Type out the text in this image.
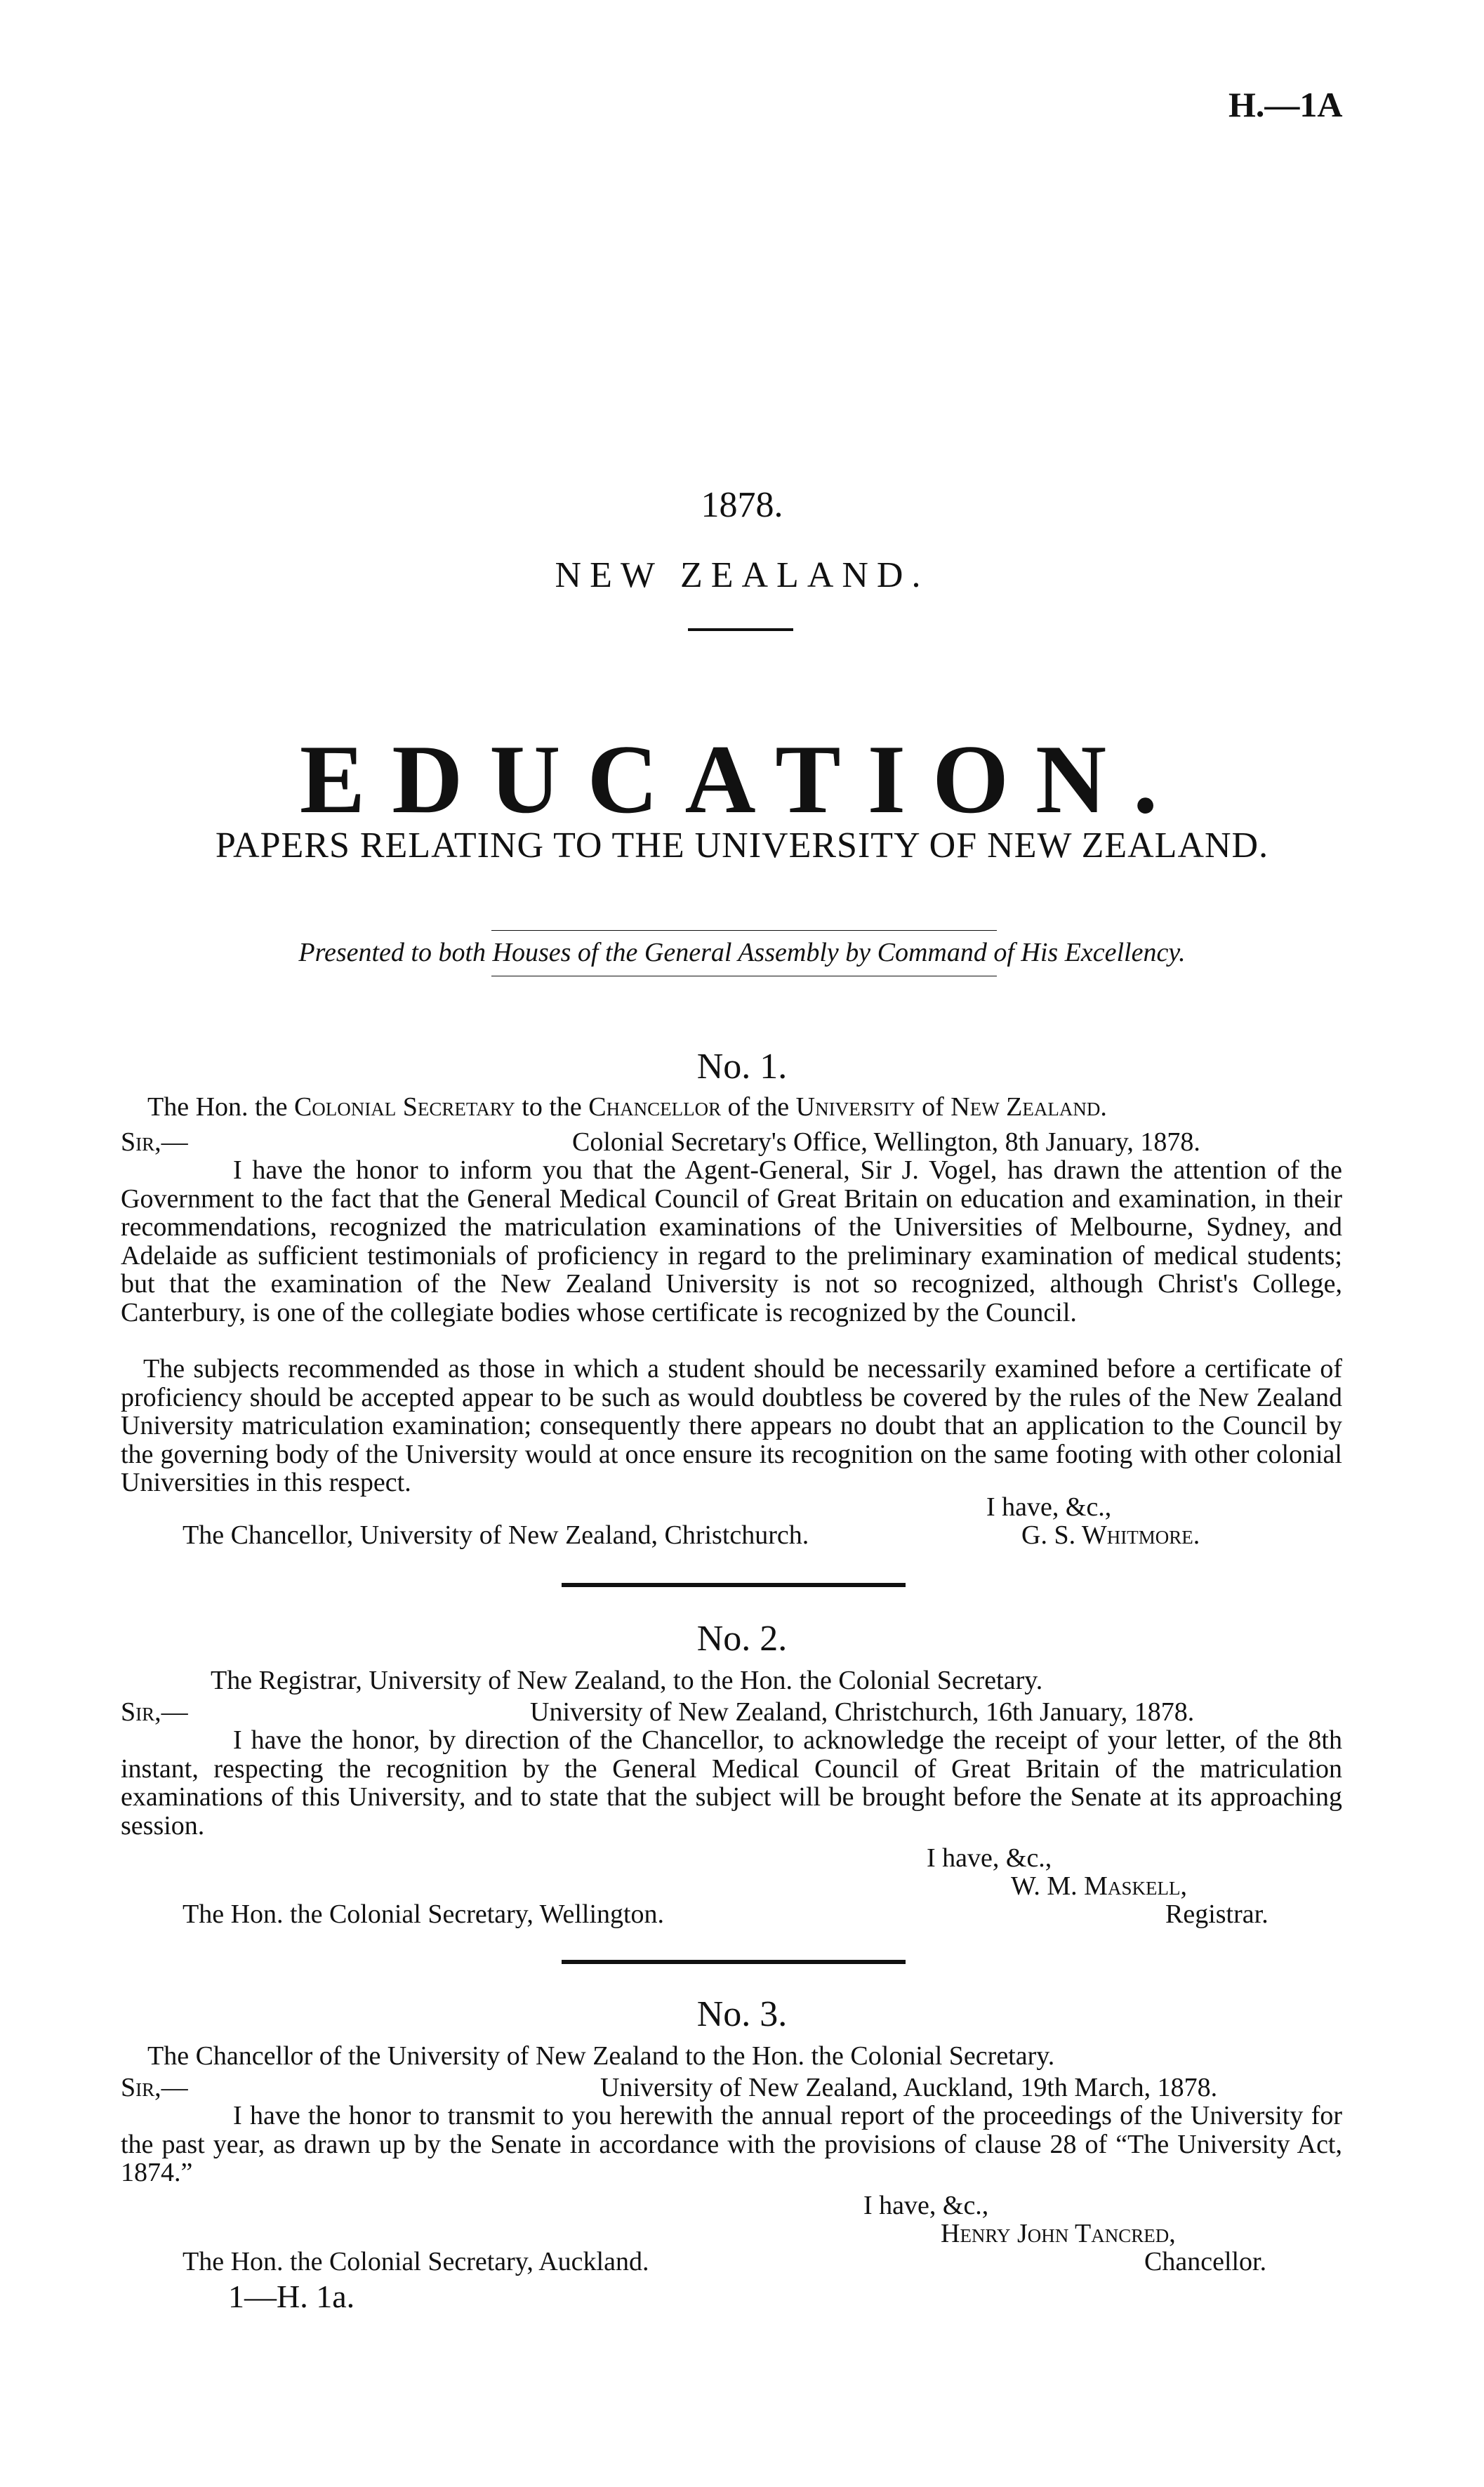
H.—1A
1878.
NEW ZEALAND.
EDUCATION.
PAPERS RELATING TO THE UNIVERSITY OF NEW ZEALAND.
Presented to both Houses of the General Assembly by Command of His Excellency.
No. 1.
The Hon. the Colonial Secretary to the Chancellor of the University of New Zealand.
Sir,—	Colonial Secretary's Office, Wellington, 8th January, 1878.
I have the honor to inform you that the Agent-General, Sir J. Vogel, has drawn the attention of the Government to the fact that the General Medical Council of Great Britain on education and examination, in their recommendations, recognized the matriculation examinations of the Universities of Melbourne, Sydney, and Adelaide as sufficient testimonials of proficiency in regard to the preliminary examination of medical students; but that the examination of the New Zealand University is not so recognized, although Christ's College, Canterbury, is one of the collegiate bodies whose certificate is recognized by the Council.
The subjects recommended as those in which a student should be necessarily examined before a certificate of proficiency should be accepted appear to be such as would doubtless be covered by the rules of the New Zealand University matriculation examination; consequently there appears no doubt that an application to the Council by the governing body of the University would at once ensure its recognition on the same footing with other colonial Universities in this respect.
I have, &c.,
The Chancellor, University of New Zealand, Christchurch.	G. S. Whitmore.
No. 2.
The Registrar, University of New Zealand, to the Hon. the Colonial Secretary.
Sir,—	University of New Zealand, Christchurch, 16th January, 1878.
I have the honor, by direction of the Chancellor, to acknowledge the receipt of your letter, of the 8th instant, respecting the recognition by the General Medical Council of Great Britain of the matriculation examinations of this University, and to state that the subject will be brought before the Senate at its approaching session.
I have, &c.,
W. M. Maskell,
Registrar.
The Hon. the Colonial Secretary, Wellington.
No. 3.
The Chancellor of the University of New Zealand to the Hon. the Colonial Secretary.
Sir,—	University of New Zealand, Auckland, 19th March, 1878.
I have the honor to transmit to you herewith the annual report of the proceedings of the University for the past year, as drawn up by the Senate in accordance with the provisions of clause 28 of “The University Act, 1874.”
I have, &c.,
Henry John Tancred,
Chancellor.
The Hon. the Colonial Secretary, Auckland.
1—H. 1a.
